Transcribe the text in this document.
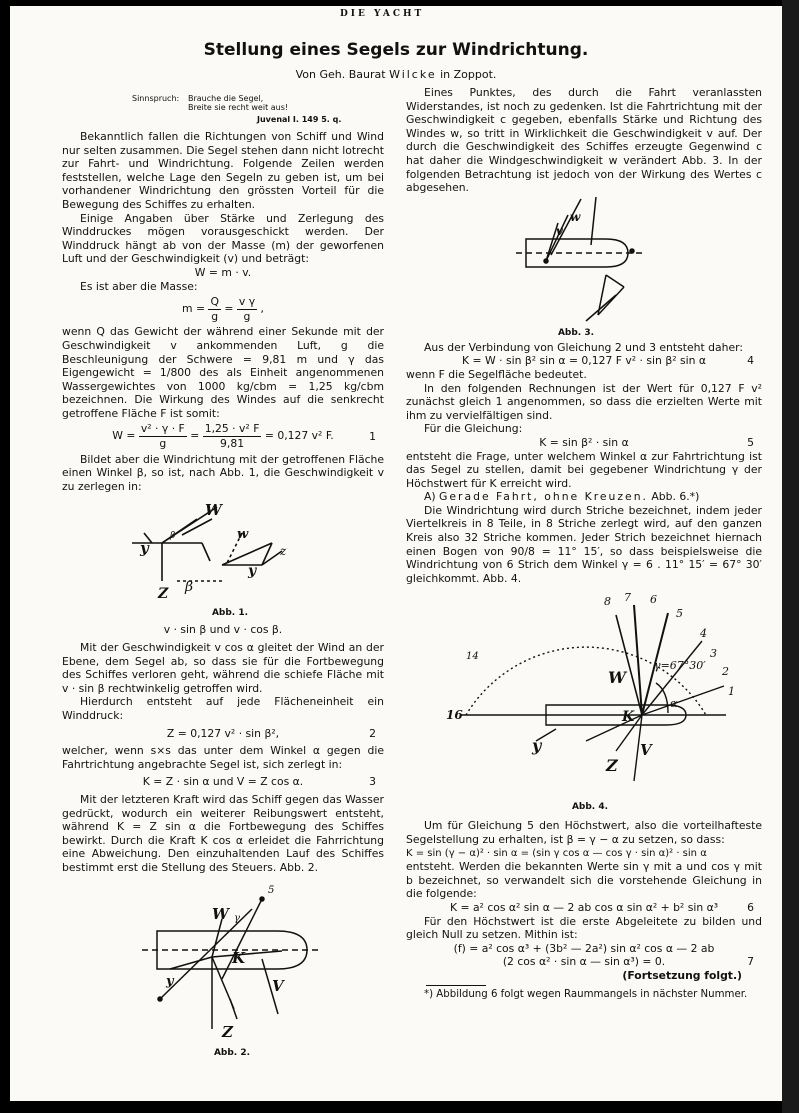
$^{DIE YACHT}$
Stellung eines Segels zur Windrichtung.
Von Geh. Baurat Wilcke in Zoppot.
Sinnspruch: Brauche die Segel,
Breite sie recht weit aus!
Juvenal I. 149 5. q.

Bekanntlich fallen die Richtungen von Schiff und Wind nur selten zusammen. Die Segel stehen dann nicht lotrecht zur Fahrt- und Windrichtung. Folgende Zeilen werden feststellen, welche Lage den Segeln zu geben ist, um bei vorhandener Windrichtung den grössten Vorteil für die Bewegung des Schiffes zu erhalten.

Einige Angaben über Stärke und Zerlegung des Winddruckes mögen vorausgeschickt werden. Der Winddruck hängt ab von der Masse (m) der geworfenen Luft und der Geschwindigkeit (v) und beträgt:

W = m · v.

Es ist aber die Masse:

$m = \frac{Q}{g} = \frac{\text{v γ}}{g}$ ,

wenn Q das Gewicht der während einer Sekunde mit der Geschwindigkeit v ankommenden Luft, g die Beschleunigung der Schwere = 9,81 m und γ das Eigengewicht = 1/800 des als Einheit angenommenen Wassergewichtes von 1000 kg/cbm = 1,25 kg/cbm bezeichnen. Die Wirkung des Windes auf die senkrecht getroffene Fläche F ist somit:

$W = \frac{\text{v² · γ · F}}{g} = \frac{\text{1,25 · v² F}}{9,81} = 0,127$ v² F.	1

Bildet aber die Windrichtung mit der getroffenen Fläche einen Winkel β, so ist, nach Abb. 1, die Geschwindigkeit v zu zerlegen in:

W
y
β
Z
w
y
z
β
Abb. 1.

v · sin β und v · cos β.

Mit der Geschwindigkeit v cos α gleitet der Wind an der Ebene, dem Segel ab, so dass sie für die Fortbewegung des Schiffes verloren geht, während die schiefe Fläche mit v · sin β rechtwinkelig getroffen wird.

Hierdurch entsteht auf jede Flächeneinheit ein Winddruck:

Z = 0,127 v² · sin β²,	2

welcher, wenn s×s das unter dem Winkel α gegen die Fahrtrichtung angebrachte Segel ist, sich zerlegt in:

K = Z · sin α und V = Z cos α.	3

Mit der letzteren Kraft wird das Schiff gegen das Wasser gedrückt, wodurch ein weiterer Reibungswert entsteht, während K = Z sin α die Fortbewegung des Schiffes bewirkt. Durch die Kraft K cos α erleidet die Fahrrichtung eine Abweichung. Den einzuhaltenden Lauf des Schiffes bestimmt erst die Stellung des Steuers. Abb. 2.

5
W γ
K
V
Z
y
Abb. 2.

Eines Punktes, des durch die Fahrt veranlassten Widerstandes, ist noch zu gedenken. Ist die Fahrtrichtung mit der Geschwindigkeit c gegeben, ebenfalls Stärke und Richtung des Windes w, so tritt in Wirklichkeit die Geschwindigkeit v auf. Der durch die Geschwindigkeit des Schiffes erzeugte Gegenwind c hat daher die Windgeschwindigkeit w verändert Abb. 3. In der folgenden Betrachtung ist jedoch von der Wirkung des Wertes c abgesehen.

v
w
Abb. 3.

Aus der Verbindung von Gleichung 2 und 3 entsteht daher:

K = W · sin β² sin α = 0,127 F v² · sin β² sin α	4

wenn F die Segelfläche bedeutet.

In den folgenden Rechnungen ist der Wert für 0,127 F v² zunächst gleich 1 angenommen, so dass die erzielten Werte mit ihm zu vervielfältigen sind.

Für die Gleichung:

K = sin β² · sin α	5

entsteht die Frage, unter welchem Winkel α zur Fahrtrichtung ist das Segel zu stellen, damit bei gegebener Windrichtung γ der Höchstwert für K erreicht wird.

A) Gerade Fahrt, ohne Kreuzen. Abb. 6.*)

Die Windrichtung wird durch Striche bezeichnet, indem jeder Viertelkreis in 8 Teile, in 8 Striche zerlegt wird, auf den ganzen Kreis also 32 Striche kommen. Jeder Strich bezeichnet hiernach einen Bogen von 90/8 = 11° 15′, so dass beispielsweise die Windrichtung von 6 Strich dem Winkel γ = 6 . 11° 15′ = 67° 30′ gleichkommt. Abb. 4.

16
14
8 7 6
5
4
3
2
1
γ=67°30′
W
K
α
Z
V
y
Abb. 4.

Um für Gleichung 5 den Höchstwert, also die vorteilhafteste Segelstellung zu erhalten, ist β = γ − α zu setzen, so dass:

K = sin (γ − α)² · sin α = (sin γ cos α — cos γ · sin α)² · sin α

entsteht. Werden die bekannten Werte sin γ mit a und cos γ mit b bezeichnet, so verwandelt sich die vorstehende Gleichung in die folgende:

K = a² cos α² sin α — 2 ab cos α sin α² + b² sin α³	6

Für den Höchstwert ist die erste Abgeleitete zu bilden und gleich Null zu setzen. Mithin ist:

(f) = a² cos α³ + (3b² — 2a²) sin α² cos α — 2 ab

(2 cos α² · sin α — sin α³) = 0.	7

(Fortsetzung folgt.)

*) Abbildung 6 folgt wegen Raummangels in nächster Nummer.
